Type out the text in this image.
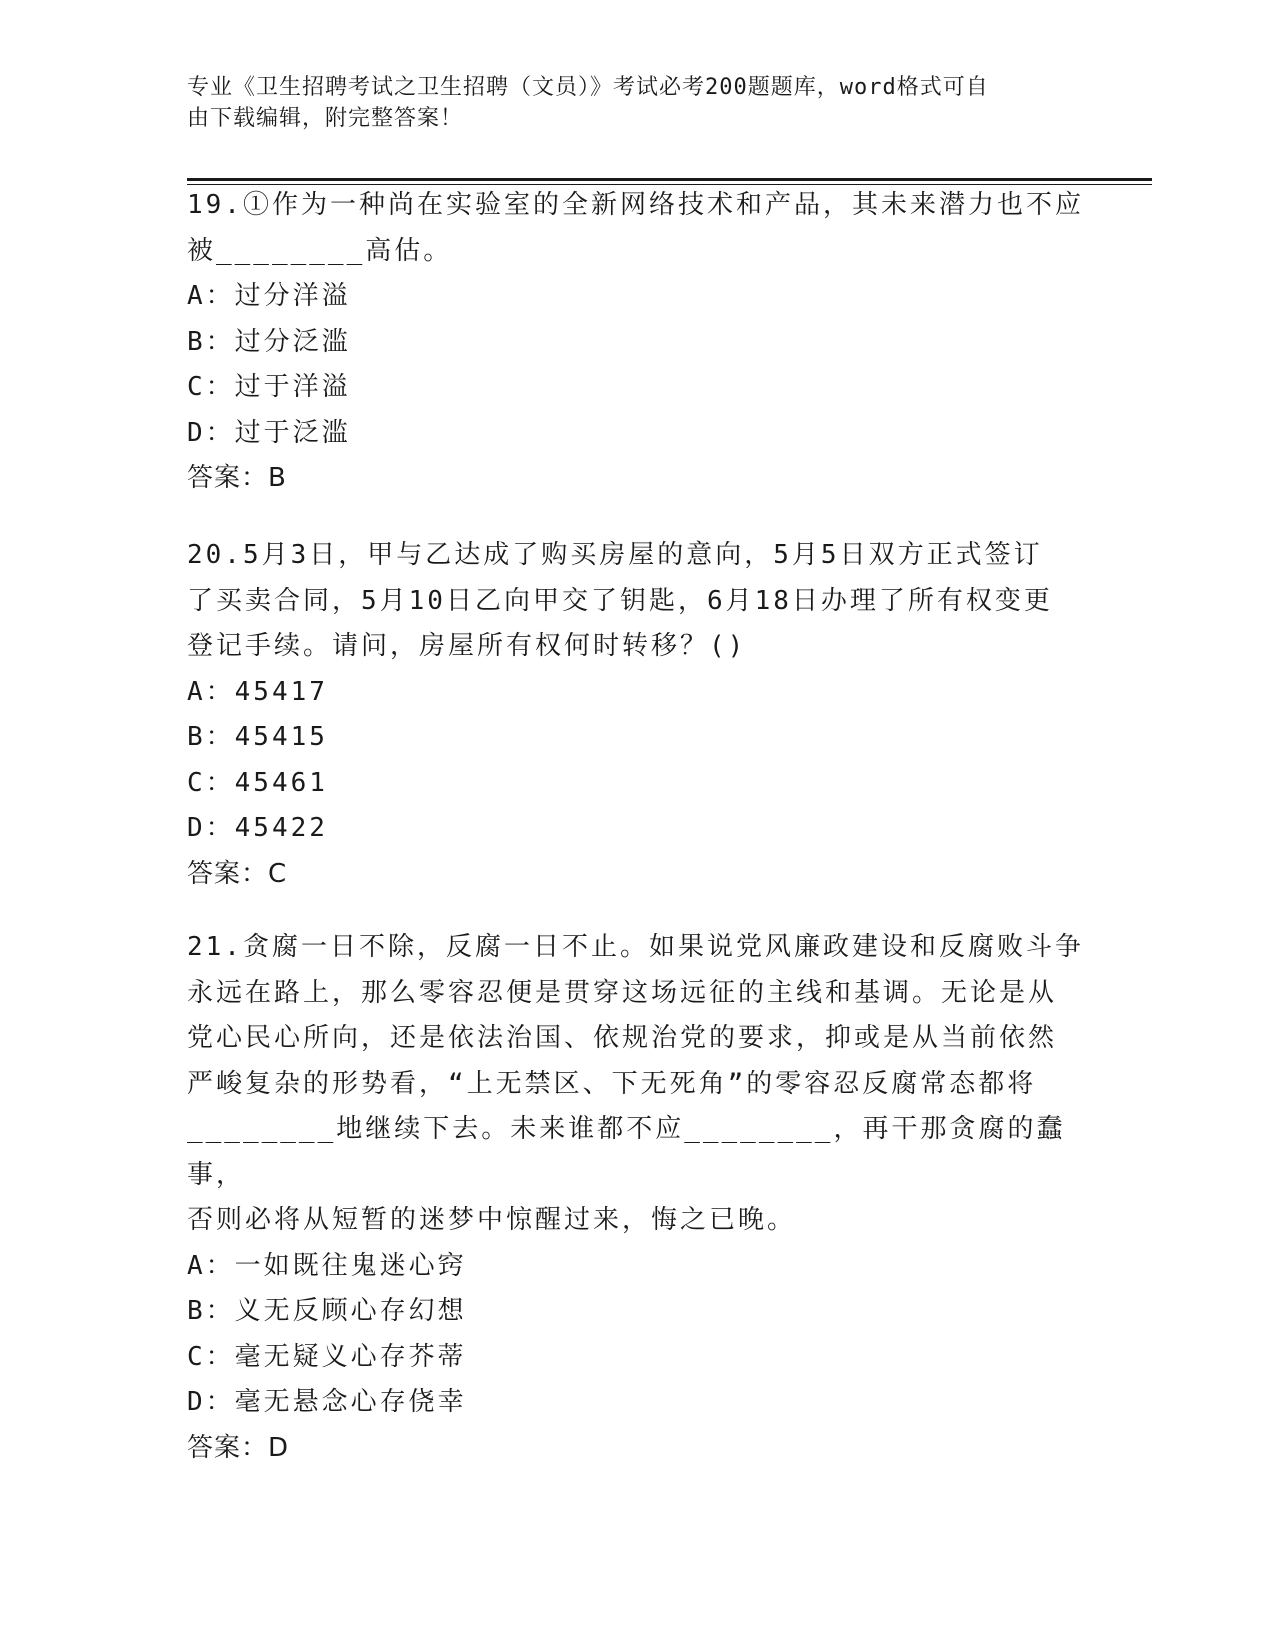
专业《卫生招聘考试之卫生招聘（文员）》考试必考200题题库，word格式可自
由下载编辑，附完整答案！

19.①作为一种尚在实验室的全新网络技术和产品，其未来潜力也不应

被________高估。

A：过分洋溢

B：过分泛滥

C：过于洋溢

D：过于泛滥

答案：B

20.5月3日，甲与乙达成了购买房屋的意向，5月5日双方正式签订

了买卖合同，5月10日乙向甲交了钥匙，6月18日办理了所有权变更

登记手续。请问，房屋所有权何时转移？()

A：45417

B：45415

C：45461

D：45422

答案：C

21.贪腐一日不除，反腐一日不止。如果说党风廉政建设和反腐败斗争

永远在路上，那么零容忍便是贯穿这场远征的主线和基调。无论是从

党心民心所向，还是依法治国、依规治党的要求，抑或是从当前依然

严峻复杂的形势看，“上无禁区、下无死角”的零容忍反腐常态都将

________地继续下去。未来谁都不应________，再干那贪腐的蠢事，

否则必将从短暂的迷梦中惊醒过来，悔之已晚。

A：一如既往鬼迷心窍

B：义无反顾心存幻想

C：毫无疑义心存芥蒂

D：毫无悬念心存侥幸

答案：D
